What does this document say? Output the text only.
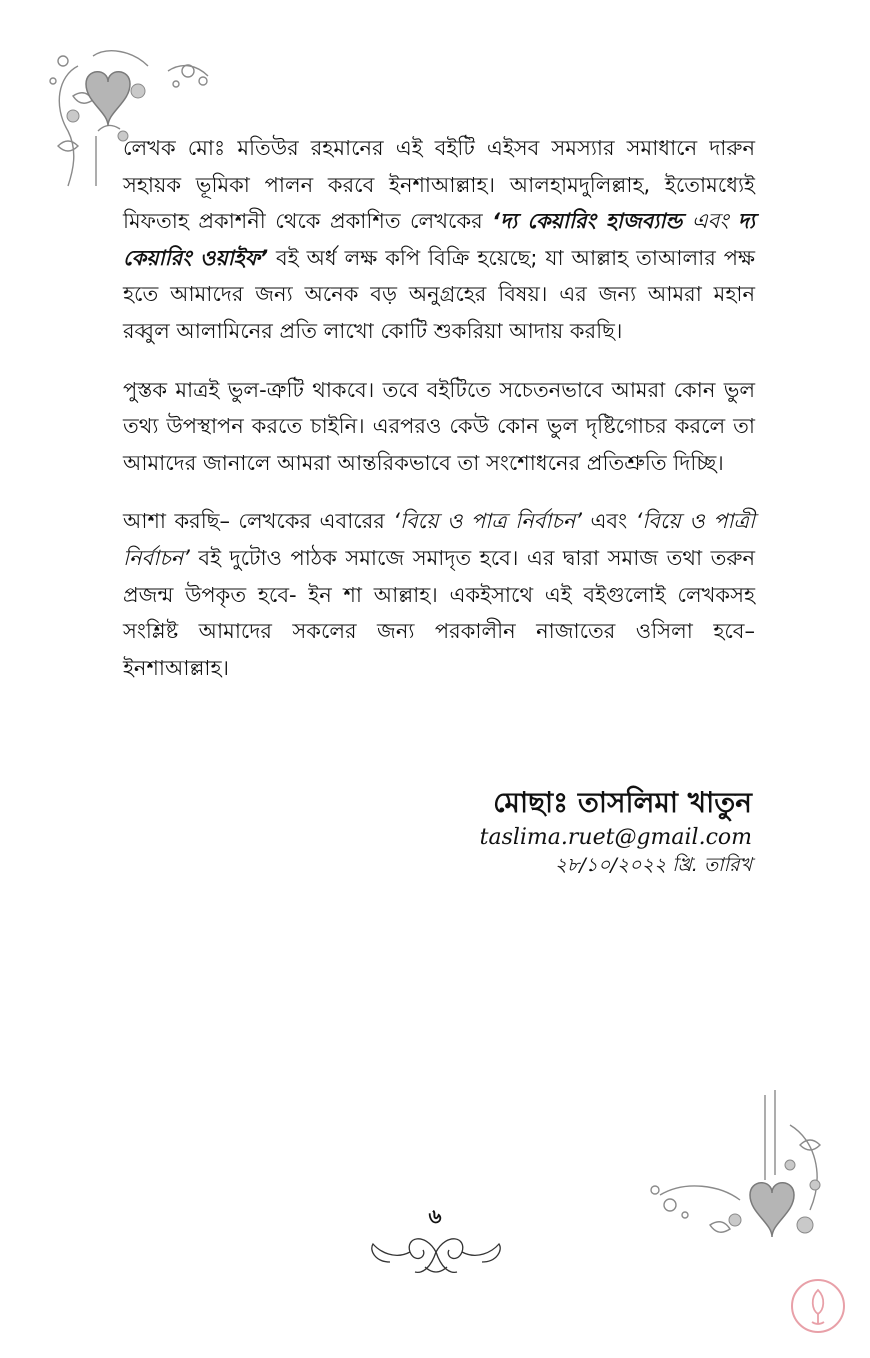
লেখক মোঃ মতিউর রহমানের এই বইটি এইসব সমস্যার সমাধানে দারুন সহায়ক ভূমিকা পালন করবে ইনশাআল্লাহ। আলহামদুলিল্লাহ, ইতোমধ্যেই মিফতাহ প্রকাশনী থেকে প্রকাশিত লেখকের ‘দ্য কেয়ারিং হাজব্যান্ড এবং দ্য কেয়ারিং ওয়াইফ’ বই অর্ধ লক্ষ কপি বিক্রি হয়েছে; যা আল্লাহ তাআলার পক্ষ হতে আমাদের জন্য অনেক বড় অনুগ্রহের বিষয়। এর জন্য আমরা মহান রব্বুল আলামিনের প্রতি লাখো কোটি শুকরিয়া আদায় করছি।

পুস্তক মাত্রই ভুল-ত্রুটি থাকবে। তবে বইটিতে সচেতনভাবে আমরা কোন ভুল তথ্য উপস্থাপন করতে চাইনি। এরপরও কেউ কোন ভুল দৃষ্টিগোচর করলে তা আমাদের জানালে আমরা আন্তরিকভাবে তা সংশোধনের প্রতিশ্রুতি দিচ্ছি।

আশা করছি– লেখকের এবারের ‘বিয়ে ও পাত্র নির্বাচন’ এবং ‘বিয়ে ও পাত্রী নির্বাচন’ বই দুটোও পাঠক সমাজে সমাদৃত হবে। এর দ্বারা সমাজ তথা তরুন প্রজন্ম উপকৃত হবে- ইন শা আল্লাহ। একইসাথে এই বইগুলোই লেখকসহ সংশ্লিষ্ট আমাদের সকলের জন্য পরকালীন নাজাতের ওসিলা হবে– ইনশাআল্লাহ।

মোছাঃ তাসলিমা খাতুন
taslima.ruet@gmail.com
২৮/১০/২০২২ খ্রি. তারিখ
৬
